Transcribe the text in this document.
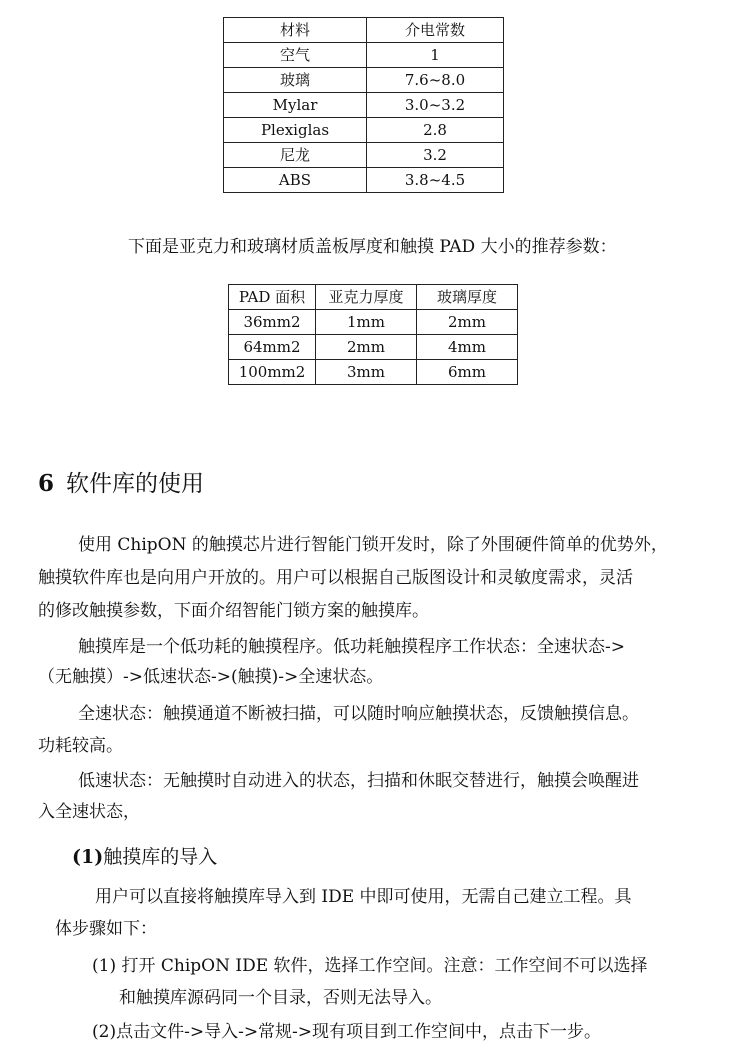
材料	介电常数
空气	1
玻璃	7.6~8.0
Mylar	3.0~3.2
Plexiglas	2.8
尼龙	3.2
ABS	3.8~4.5
下面是亚克力和玻璃材质盖板厚度和触摸 PAD 大小的推荐参数：
PAD 面积	亚克力厚度	玻璃厚度
36mm2	1mm	2mm
64mm2	2mm	4mm
100mm2	3mm	6mm
6 软件库的使用
使用 ChipON 的触摸芯片进行智能门锁开发时，除了外围硬件简单的优势外，
触摸软件库也是向用户开放的。用户可以根据自己版图设计和灵敏度需求，灵活
的修改触摸参数，下面介绍智能门锁方案的触摸库。
触摸库是一个低功耗的触摸程序。低功耗触摸程序工作状态：全速状态->
（无触摸）->低速状态->(触摸)->全速状态。
全速状态：触摸通道不断被扫描，可以随时响应触摸状态，反馈触摸信息。
功耗较高。
低速状态：无触摸时自动进入的状态，扫描和休眠交替进行，触摸会唤醒进
入全速状态，
(1)触摸库的导入
用户可以直接将触摸库导入到 IDE 中即可使用，无需自己建立工程。具
体步骤如下：
(1) 打开 ChipON IDE 软件，选择工作空间。注意：工作空间不可以选择
和触摸库源码同一个目录，否则无法导入。
(2)点击文件->导入->常规->现有项目到工作空间中，点击下一步。
